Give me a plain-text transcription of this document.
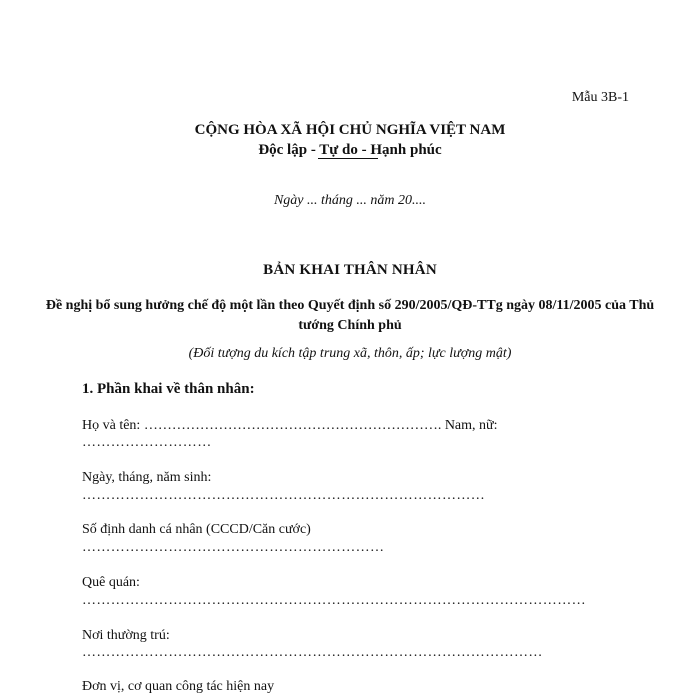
Mẫu 3B-1
CỘNG HÒA XÃ HỘI CHỦ NGHĨA VIỆT NAM
Độc lập - Tự do - Hạnh phúc
Ngày ... tháng ... năm 20....
BẢN KHAI THÂN NHÂN
Đề nghị bổ sung hưởng chế độ một lần theo Quyết định số 290/2005/QĐ-TTg ngày 08/11/2005 của Thủ tướng Chính phủ
(Đối tượng du kích tập trung xã, thôn, ấp; lực lượng mật)
1. Phần khai về thân nhân:
Họ và tên: ………………………………………………………. Nam, nữ:
………………………
Ngày, tháng, năm sinh:
…………………………………………………………………………
Số định danh cá nhân (CCCD/Căn cước)
………………………………………………………
Quê quán:
……………………………………………………………………………………………
Nơi thường trú:
……………………………………………………………………………………
Đơn vị, cơ quan công tác hiện nay
